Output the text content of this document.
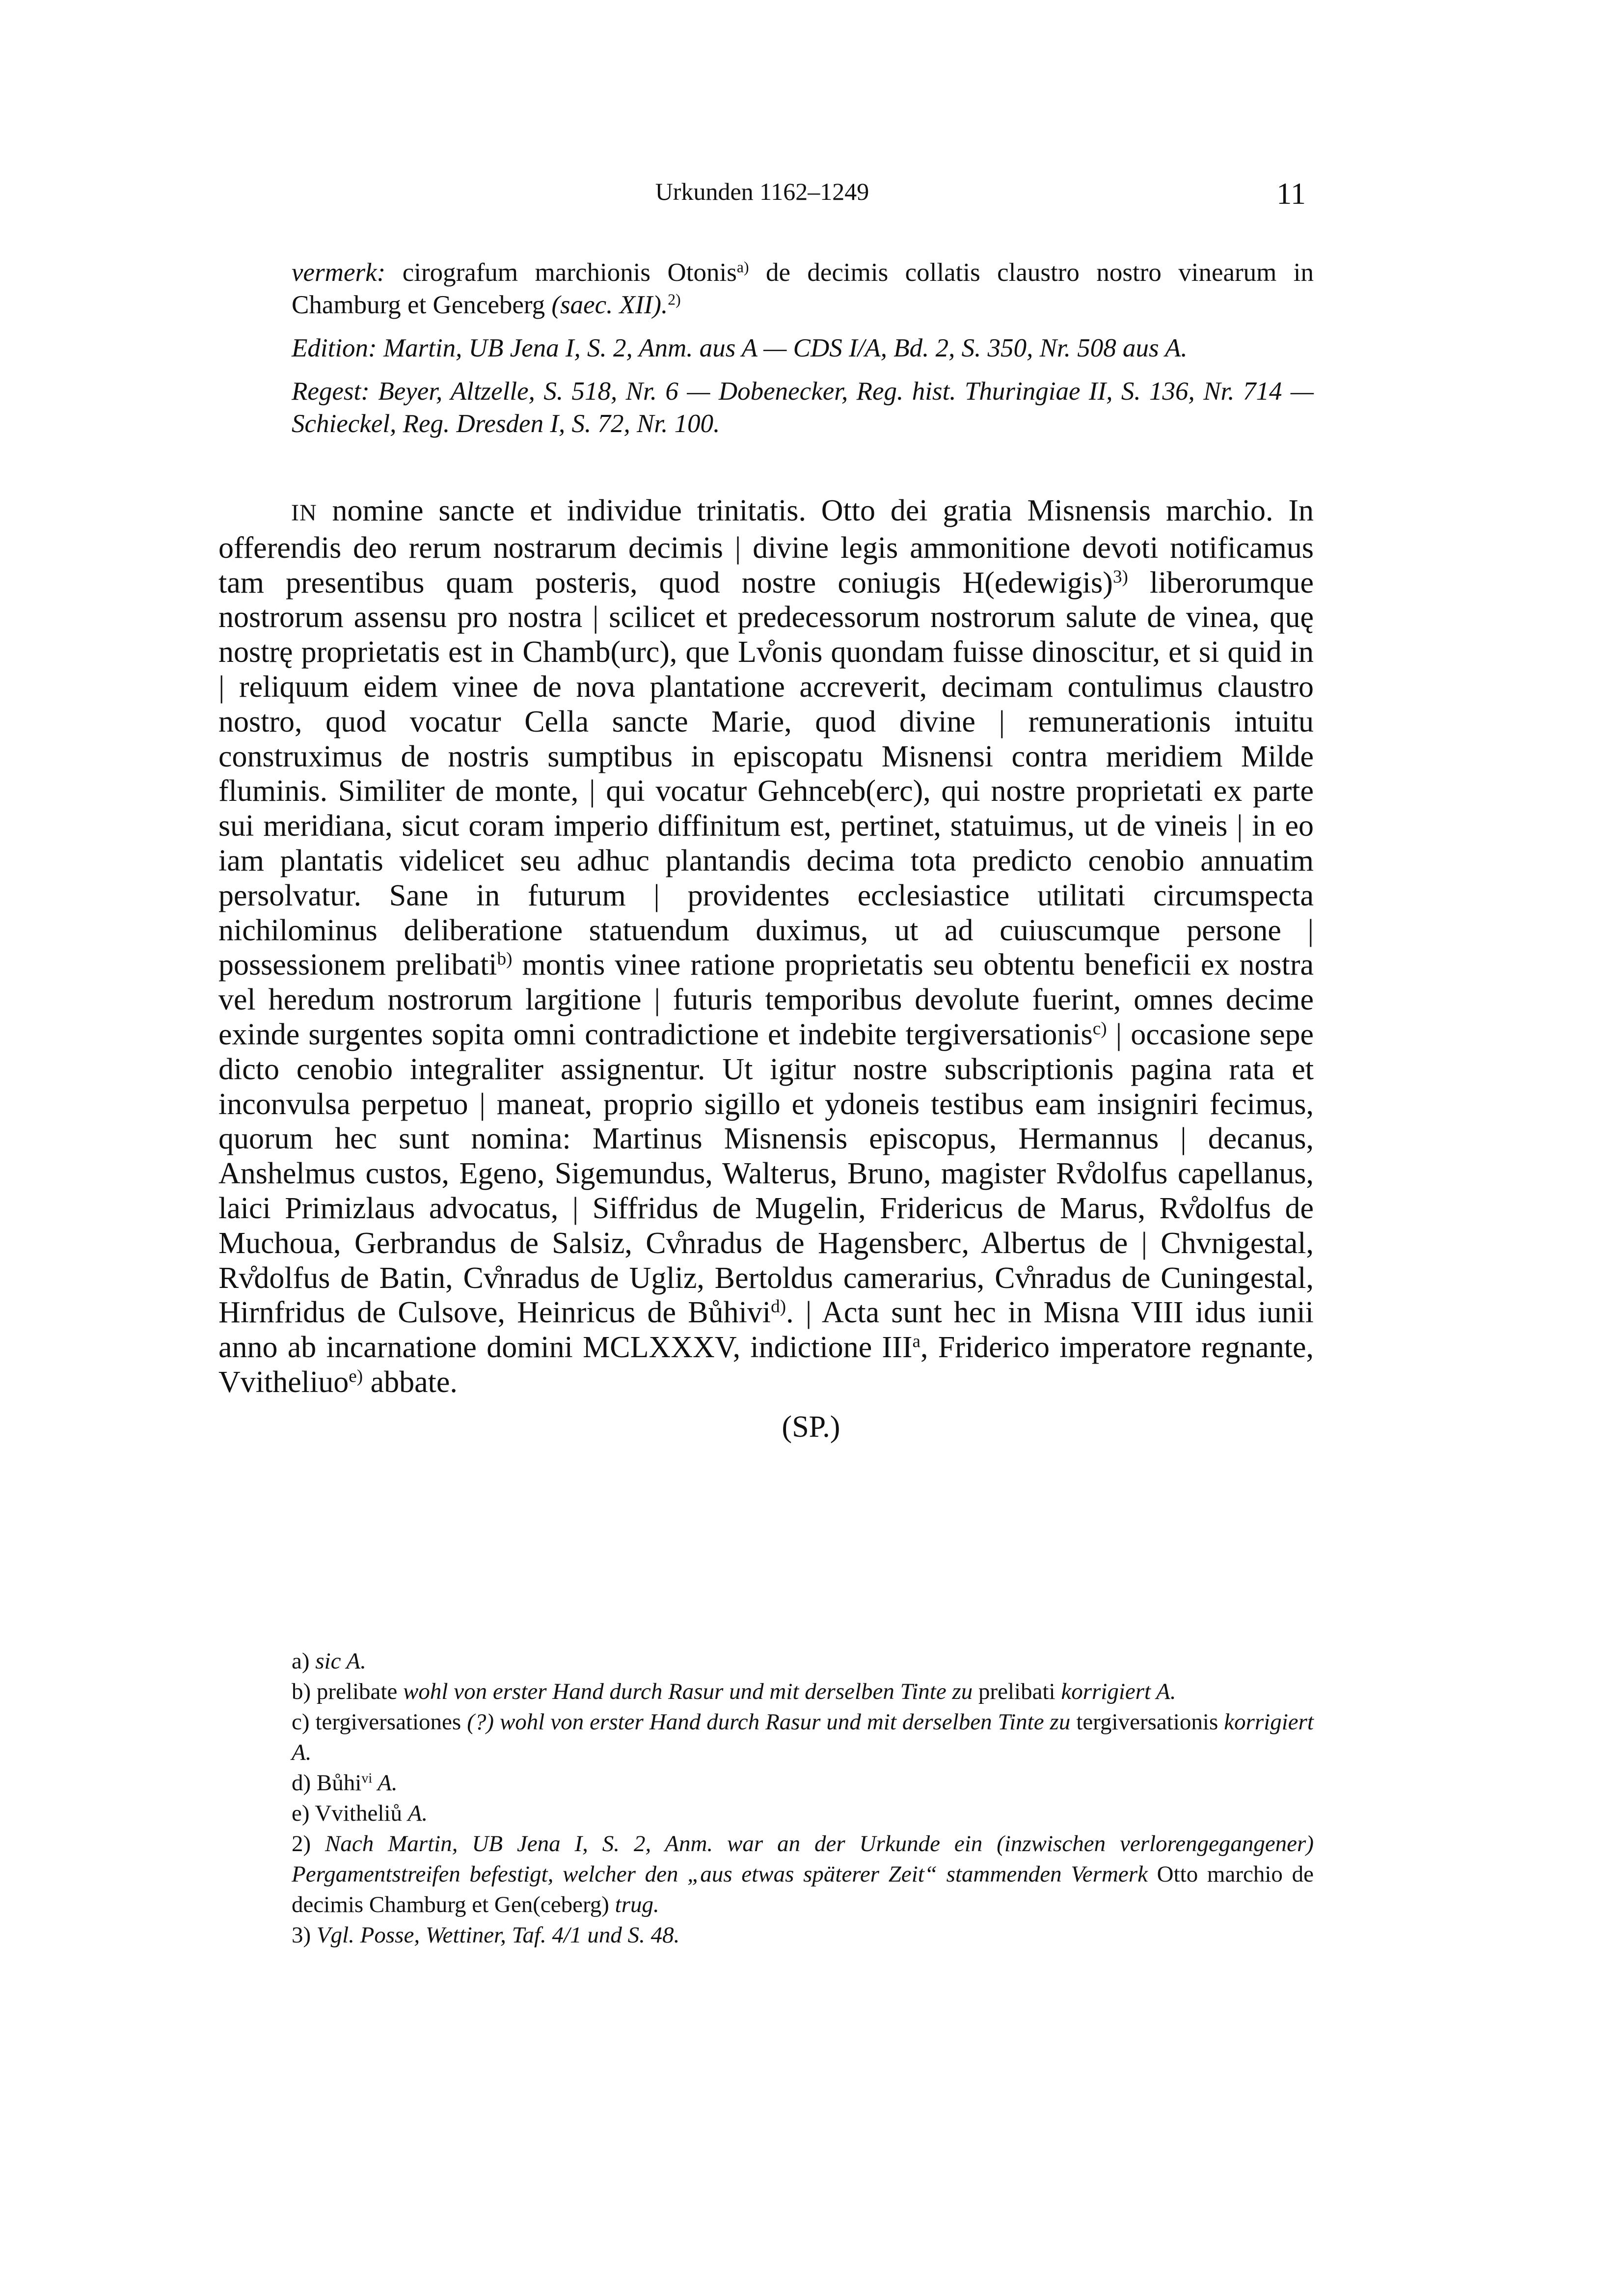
Urkunden 1162–1249	11

vermerk: cirografum marchionis Otonis$^{a)}$ de decimis collatis claustro nostro vinearum in Chamburg et Genceberg (saec. XII).$^{2)}$

Edition: Martin, UB Jena I, S. 2, Anm. aus A — CDS I/A, Bd. 2, S. 350, Nr. 508 aus A.

Regest: Beyer, Altzelle, S. 518, Nr. 6 — Dobenecker, Reg. hist. Thuringiae II, S. 136, Nr. 714 — Schieckel, Reg. Dresden I, S. 72, Nr. 100.

IN nomine sancte et individue trinitatis. Otto dei gratia Misnensis marchio. In offerendis deo rerum nostrarum decimis | divine legis ammonitione devoti notificamus tam presentibus quam posteris, quod nostre coniugis H(edewigis)$^{3)}$ liberorumque nostrorum assensu pro nostra | scilicet et predecessorum nostrorum salute de vinea, quę nostrę proprietatis est in Chamb(urc), que Lv̊onis quondam fuisse dinoscitur, et si quid in | reliquum eidem vinee de nova plantatione accreverit, decimam contulimus claustro nostro, quod vocatur Cella sancte Marie, quod divine | remunerationis intuitu construximus de nostris sumptibus in episcopatu Misnensi contra meridiem Milde fluminis. Similiter de monte, | qui vocatur Gehnceb(erc), qui nostre proprietati ex parte sui meridiana, sicut coram imperio diffinitum est, pertinet, statuimus, ut de vineis | in eo iam plantatis videlicet seu adhuc plantandis decima tota predicto cenobio annuatim persolvatur. Sane in futurum | providentes ecclesiastice utilitati circumspecta nichilominus deliberatione statuendum duximus, ut ad cuiuscumque persone | possessionem prelibati$^{b)}$ montis vinee ratione proprietatis seu obtentu beneficii ex nostra vel heredum nostrorum largitione | futuris temporibus devolute fuerint, omnes decime exinde surgentes sopita omni contradictione et indebite tergiversationis$^{c)}$ | occasione sepe dicto cenobio integraliter assignentur. Ut igitur nostre subscriptionis pagina rata et inconvulsa perpetuo | maneat, proprio sigillo et ydoneis testibus eam insigniri fecimus, quorum hec sunt nomina: Martinus Misnensis episcopus, Hermannus | decanus, Anshelmus custos, Egeno, Sigemundus, Walterus, Bruno, magister Rv̊dolfus capellanus, laici Primizlaus advocatus, | Siffridus de Mugelin, Fridericus de Marus, Rv̊dolfus de Muchoua, Gerbrandus de Salsiz, Cv̊nradus de Hagensberc, Albertus de | Chvnigestal, Rv̊dolfus de Batin, Cv̊nradus de Ugliz, Bertoldus camerarius, Cv̊nradus de Cuningestal, Hirnfridus de Culsove, Heinricus de Bůhivi$^{d)}$. | Acta sunt hec in Misna VIII idus iunii anno ab incarnatione domini MCLXXXV, indictione III$^a$, Friderico imperatore regnante, Vvitheliuo$^{e)}$ abbate.

(SP.)
a) sic A.
b) prelibate wohl von erster Hand durch Rasur und mit derselben Tinte zu prelibati korrigiert A.
c) tergiversationes (?) wohl von erster Hand durch Rasur und mit derselben Tinte zu tergiversationis korrigiert A.
d) Bůhi$^{vi}$ A.
e) Vvitheliů A.
2) Nach Martin, UB Jena I, S. 2, Anm. war an der Urkunde ein (inzwischen verlorengegangener) Pergamentstreifen befestigt, welcher den „aus etwas späterer Zeit“ stammenden Vermerk Otto marchio de decimis Chamburg et Gen(ceberg) trug.
3) Vgl. Posse, Wettiner, Taf. 4/1 und S. 48.
